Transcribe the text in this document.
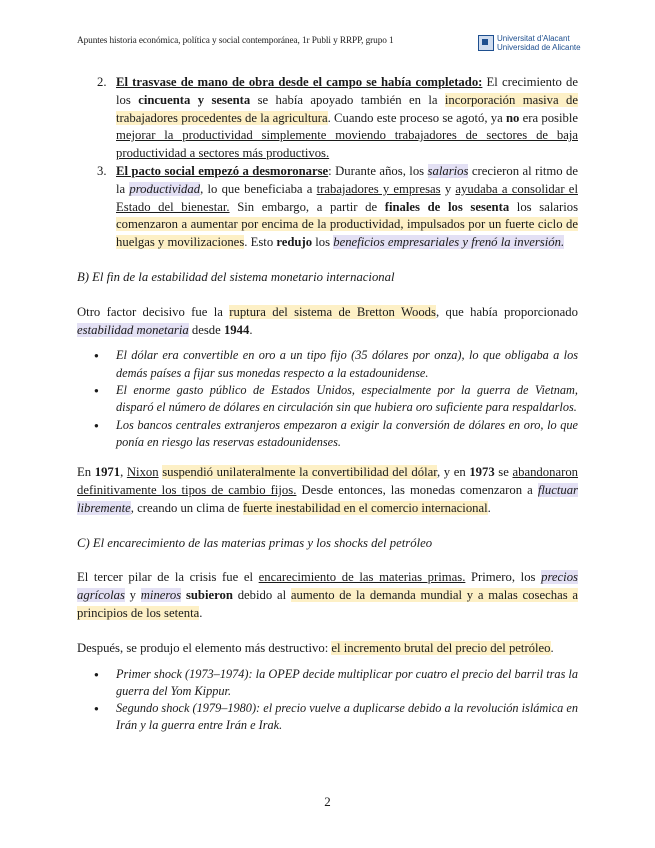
Apuntes historia económica, política y social contemporánea, 1r Publi y RRPP, grupo 1	Universitat d'Alacant
Universidad de Alicante
2. El trasvase de mano de obra desde el campo se había completado: El crecimiento de los cincuenta y sesenta se había apoyado también en la incorporación masiva de trabajadores procedentes de la agricultura. Cuando este proceso se agotó, ya no era posible mejorar la productividad simplemente moviendo trabajadores de sectores de baja productividad a sectores más productivos.
3. El pacto social empezó a desmoronarse: Durante años, los salarios crecieron al ritmo de la productividad, lo que beneficiaba a trabajadores y empresas y ayudaba a consolidar el Estado del bienestar. Sin embargo, a partir de finales de los sesenta los salarios comenzaron a aumentar por encima de la productividad, impulsados por un fuerte ciclo de huelgas y movilizaciones. Esto redujo los beneficios empresariales y frenó la inversión.

B) El fin de la estabilidad del sistema monetario internacional

Otro factor decisivo fue la ruptura del sistema de Bretton Woods, que había proporcionado estabilidad monetaria desde 1944.

● El dólar era convertible en oro a un tipo fijo (35 dólares por onza), lo que obligaba a los demás países a fijar sus monedas respecto a la estadounidense.
● El enorme gasto público de Estados Unidos, especialmente por la guerra de Vietnam, disparó el número de dólares en circulación sin que hubiera oro suficiente para respaldarlos.
● Los bancos centrales extranjeros empezaron a exigir la conversión de dólares en oro, lo que ponía en riesgo las reservas estadounidenses.

En 1971, Nixon suspendió unilateralmente la convertibilidad del dólar, y en 1973 se abandonaron definitivamente los tipos de cambio fijos. Desde entonces, las monedas comenzaron a fluctuar libremente, creando un clima de fuerte inestabilidad en el comercio internacional.

C) El encarecimiento de las materias primas y los shocks del petróleo

El tercer pilar de la crisis fue el encarecimiento de las materias primas. Primero, los precios agrícolas y mineros subieron debido al aumento de la demanda mundial y a malas cosechas a principios de los setenta.

Después, se produjo el elemento más destructivo: el incremento brutal del precio del petróleo.

● Primer shock (1973–1974): la OPEP decide multiplicar por cuatro el precio del barril tras la guerra del Yom Kippur.
● Segundo shock (1979–1980): el precio vuelve a duplicarse debido a la revolución islámica en Irán y la guerra entre Irán e Irak.
2
